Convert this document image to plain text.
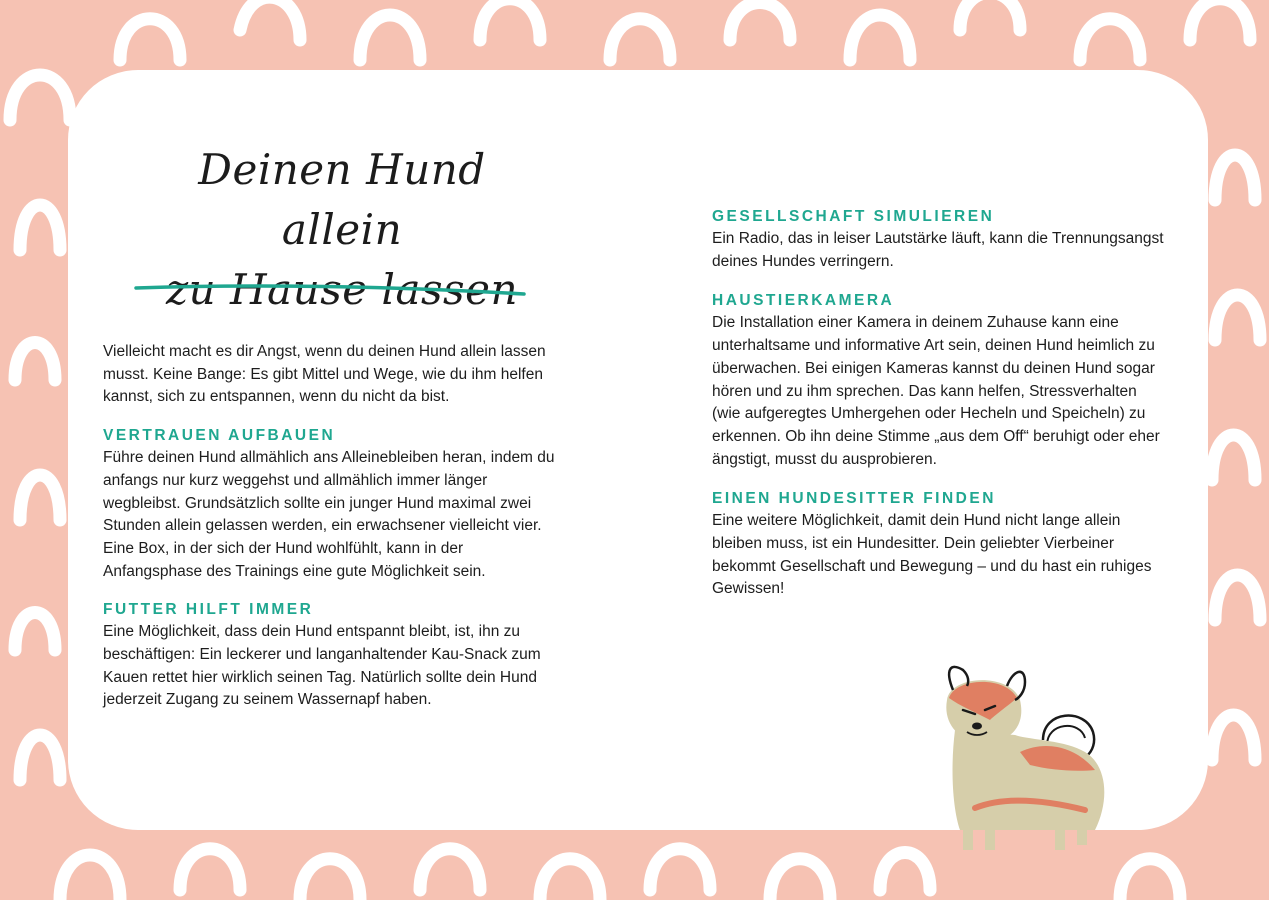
Deinen Hund allein
zu Hause lassen

Vielleicht macht es dir Angst, wenn du deinen Hund allein lassen musst. Keine Bange: Es gibt Mittel und Wege, wie du ihm helfen kannst, sich zu entspannen, wenn du nicht da bist.

VERTRAUEN AUFBAUEN

Führe deinen Hund allmählich ans Alleinebleiben heran, indem du anfangs nur kurz weggehst und allmählich immer länger wegbleibst. Grundsätzlich sollte ein junger Hund maximal zwei Stunden allein gelassen werden, ein erwachsener vielleicht vier. Eine Box, in der sich der Hund wohlfühlt, kann in der Anfangsphase des Trainings eine gute Möglichkeit sein.

FUTTER HILFT IMMER

Eine Möglichkeit, dass dein Hund entspannt bleibt, ist, ihn zu beschäftigen: Ein leckerer und langanhaltender Kau-Snack zum Kauen rettet hier wirklich seinen Tag. Natürlich sollte dein Hund jederzeit Zugang zu seinem Wassernapf haben.

GESELLSCHAFT SIMULIEREN

Ein Radio, das in leiser Lautstärke läuft, kann die Trennungsangst deines Hundes verringern.

HAUSTIERKAMERA

Die Installation einer Kamera in deinem Zuhause kann eine unterhaltsame und informative Art sein, deinen Hund heimlich zu überwachen. Bei einigen Kameras kannst du deinen Hund sogar hören und zu ihm sprechen. Das kann helfen, Stressverhalten (wie aufgeregtes Umhergehen oder Hecheln und Speicheln) zu erkennen. Ob ihn deine Stimme „aus dem Off“ beruhigt oder eher ängstigt, musst du ausprobieren.

EINEN HUNDESITTER FINDEN

Eine weitere Möglichkeit, damit dein Hund nicht lange allein bleiben muss, ist ein Hundesitter. Dein geliebter Vierbeiner bekommt Gesellschaft und Bewegung – und du hast ein ruhiges Gewissen!
